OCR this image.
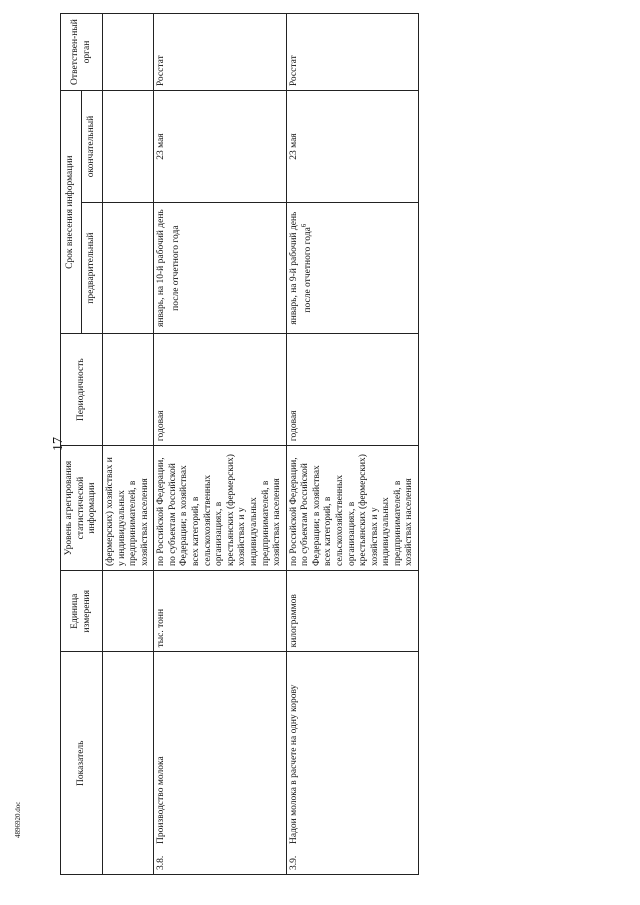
17
4896920.doc
Показатель	Единица измерения	Уровень агрегирования статистической информации	Периодичность	Срок внесения информации		Ответствен-ный орган
				предварительный	окончательный	
		(фермерских) хозяйствах и у индивидуальных предпринимателей, в хозяйствах населения				
3.8.Производство молока	тыс. тонн	по Российской Федерации, по субъектам Российской Федерации; в хозяйствах всех категорий, в сельскохозяйственных организациях, в крестьянских (фермерских) хозяйствах и у индивидуальных предпринимателей, в хозяйствах населения	годовая	январь, на 10-й рабочий день после отчетного года	23 мая	Росстат
3.9.Надои молока в расчете на одну корову	килограммов	по Российской Федерации, по субъектам Российской Федерации; в хозяйствах всех категорий, в сельскохозяйственных организациях, в крестьянских (фермерских) хозяйствах и у индивидуальных предпринимателей, в хозяйствах населения	годовая	январь, на 9-й рабочий день после отчетного года$^6$	23 мая	Росстат
